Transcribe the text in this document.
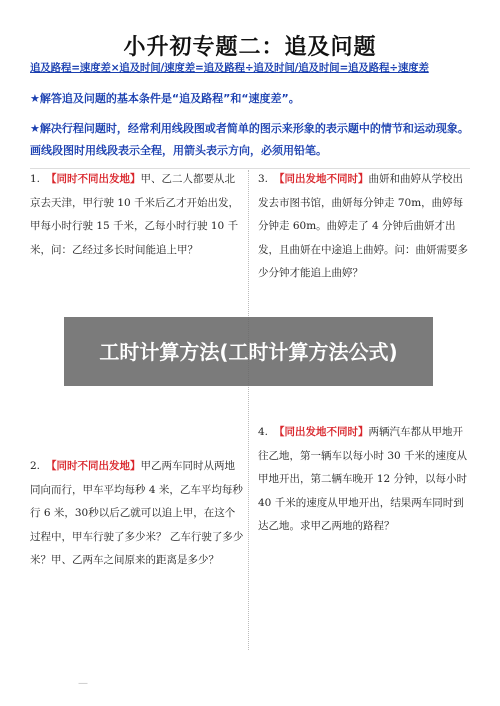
小升初专题二：追及问题
追及路程=速度差×追及时间/速度差=追及路程÷追及时间/追及时间=追及路程÷速度差
★解答追及问题的基本条件是“追及路程”和“速度差”。
★解决行程问题时，经常利用线段图或者简单的图示来形象的表示题中的情节和运动现象。画线段图时用线段表示全程，用箭头表示方向，必须用铅笔。
1. 【同时不同出发地】甲、乙二人都要从北京去天津，甲行驶 10 千米后乙才开始出发，甲每小时行驶 15 千米，乙每小时行驶 10 千米，问：乙经过多长时间能追上甲？
2. 【同时不同出发地】甲乙两车同时从两地同向而行，甲车平均每秒 4 米，乙车平均每秒行 6 米，30秒以后乙就可以追上甲，在这个过程中，甲车行驶了多少米？ 乙车行驶了多少米？甲、乙两车之间原来的距离是多少？
3. 【同出发地不同时】曲妍和曲婷从学校出发去市图书馆，曲妍每分钟走 70m，曲婷每分钟走 60m。曲婷走了 4 分钟后曲妍才出发，且曲妍在中途追上曲婷。问：曲妍需要多少分钟才能追上曲婷？
4. 【同出发地不同时】两辆汽车都从甲地开往乙地，第一辆车以每小时 30 千米的速度从甲地开出，第二辆车晚开 12 分钟，以每小时 40 千米的速度从甲地开出，结果两车同时到达乙地。求甲乙两地的路程？
工时计算方法(工时计算方法公式)
—
